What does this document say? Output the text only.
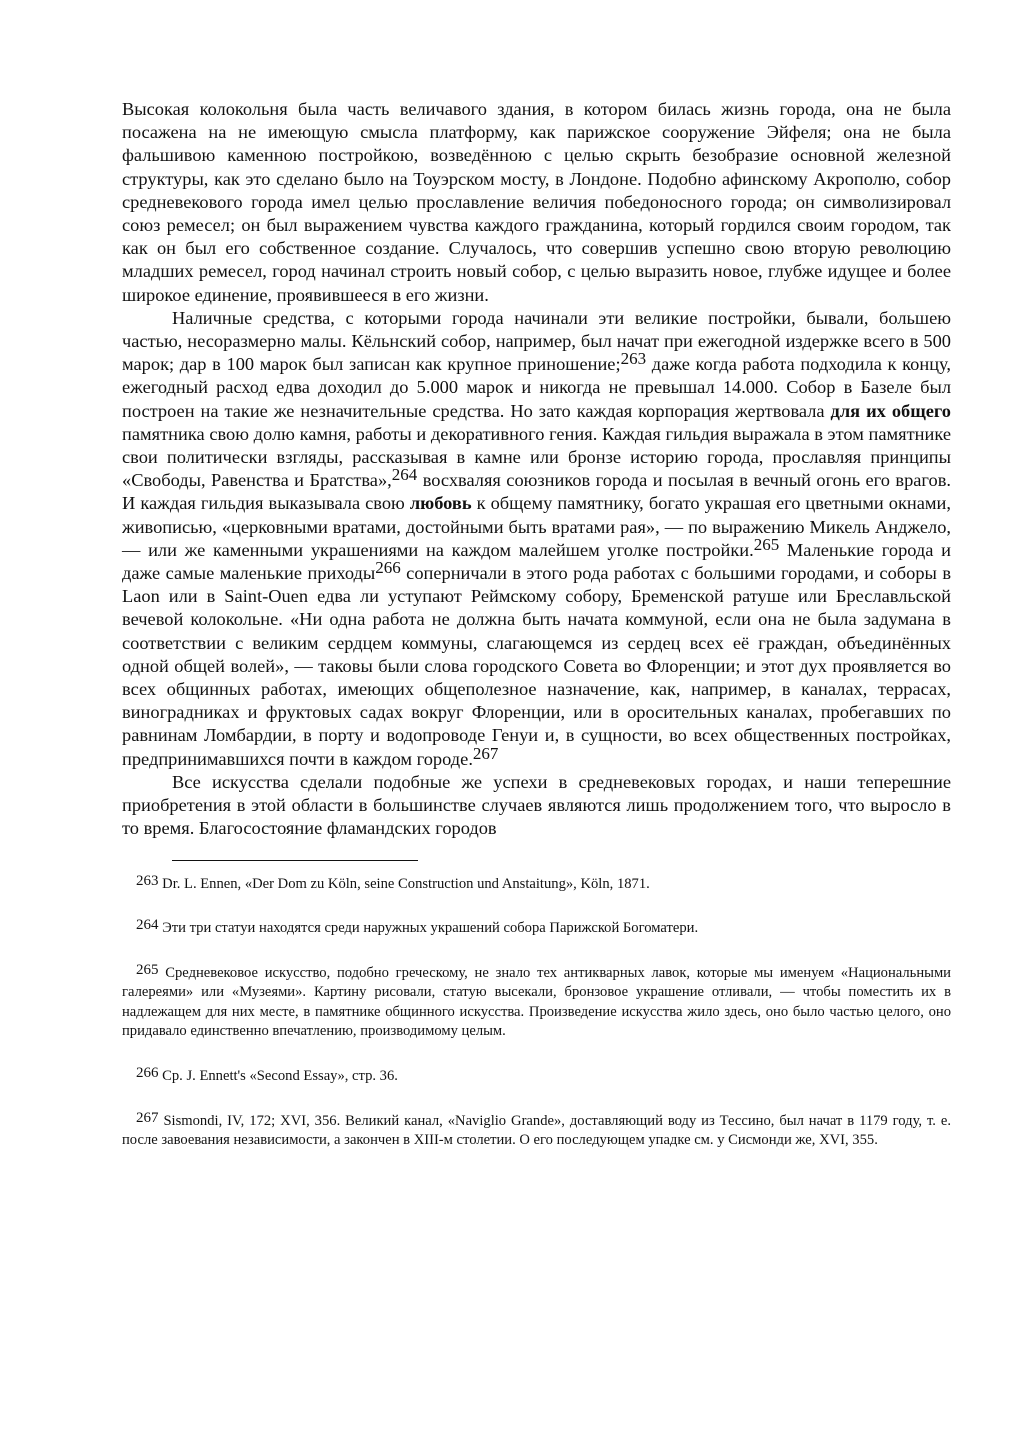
Высокая колокольня была часть величавого здания, в котором билась жизнь города, она не была посажена на не имеющую смысла платформу, как парижское сооружение Эйфеля; она не была фальшивою каменною постройкою, возведённою с целью скрыть безобразие основной железной структуры, как это сделано было на Тоуэрском мосту, в Лондоне. Подобно афинскому Акрополю, собор средневекового города имел целью прославление величия победоносного города; он символизировал союз ремесел; он был выражением чувства каждого гражданина, который гордился своим городом, так как он был его собственное создание. Случалось, что совершив успешно свою вторую революцию младших ремесел, город начинал строить новый собор, с целью выразить новое, глубже идущее и более широкое единение, проявившееся в его жизни.

Наличные средства, с которыми города начинали эти великие постройки, бывали, большею частью, несоразмерно малы. Кёльнский собор, например, был начат при ежегодной издержке всего в 500 марок; дар в 100 марок был записан как крупное приношение;$^{263}$ даже когда работа подходила к концу, ежегодный расход едва доходил до 5.000 марок и никогда не превышал 14.000. Собор в Базеле был построен на такие же незначительные средства. Но зато каждая корпорация жертвовала для их общего памятника свою долю камня, работы и декоративного гения. Каждая гильдия выражала в этом памятнике свои политически взгляды, рассказывая в камне или бронзе историю города, прославляя принципы «Свободы, Равенства и Братства»,$^{264}$ восхваляя союзников города и посылая в вечный огонь его врагов. И каждая гильдия выказывала свою любовь к общему памятнику, богато украшая его цветными окнами, живописью, «церковными вратами, достойными быть вратами рая», — по выражению Микель Анджело, — или же каменными украшениями на каждом малейшем уголке постройки.$^{265}$ Маленькие города и даже самые маленькие приходы$^{266}$ соперничали в этого рода работах с большими городами, и соборы в Laon или в Saint-Ouen едва ли уступают Реймскому собору, Бременской ратуше или Бреславльской вечевой колокольне. «Ни одна работа не должна быть начата коммуной, если она не была задумана в соответствии с великим сердцем коммуны, слагающемся из сердец всех её граждан, объединённых одной общей волей», — таковы были слова городского Совета во Флоренции; и этот дух проявляется во всех общинных работах, имеющих общеполезное назначение, как, например, в каналах, террасах, виноградниках и фруктовых садах вокруг Флоренции, или в оросительных каналах, пробегавших по равнинам Ломбардии, в порту и водопроводе Генуи и, в сущности, во всех общественных постройках, предпринимавшихся почти в каждом городе.$^{267}$

Все искусства сделали подобные же успехи в средневековых городах, и наши теперешние приобретения в этой области в большинстве случаев являются лишь продолжением того, что выросло в то время. Благосостояние фламандских городов

$^{263}$ Dr. L. Ennen, «Der Dom zu Köln, seine Construction und Anstaitung», Köln, 1871.

$^{264}$ Эти три статуи находятся среди наружных украшений собора Парижской Богоматери.

$^{265}$ Средневековое искусство, подобно греческому, не знало тех антикварных лавок, которые мы именуем «Национальными галереями» или «Музеями». Картину рисовали, статую высекали, бронзовое украшение отливали, — чтобы поместить их в надлежащем для них месте, в памятнике общинного искусства. Произведение искусства жило здесь, оно было частью целого, оно придавало единственно впечатлению, производимому целым.

$^{266}$ Ср. J. Ennett's «Second Essay», стр. 36.

$^{267}$ Sismondi, IV, 172; XVI, 356. Великий канал, «Naviglio Grande», доставляющий воду из Тессино, был начат в 1179 году, т. е. после завоевания независимости, а закончен в XIII-м столетии. О его последующем упадке см. у Сисмонди же, XVI, 355.
